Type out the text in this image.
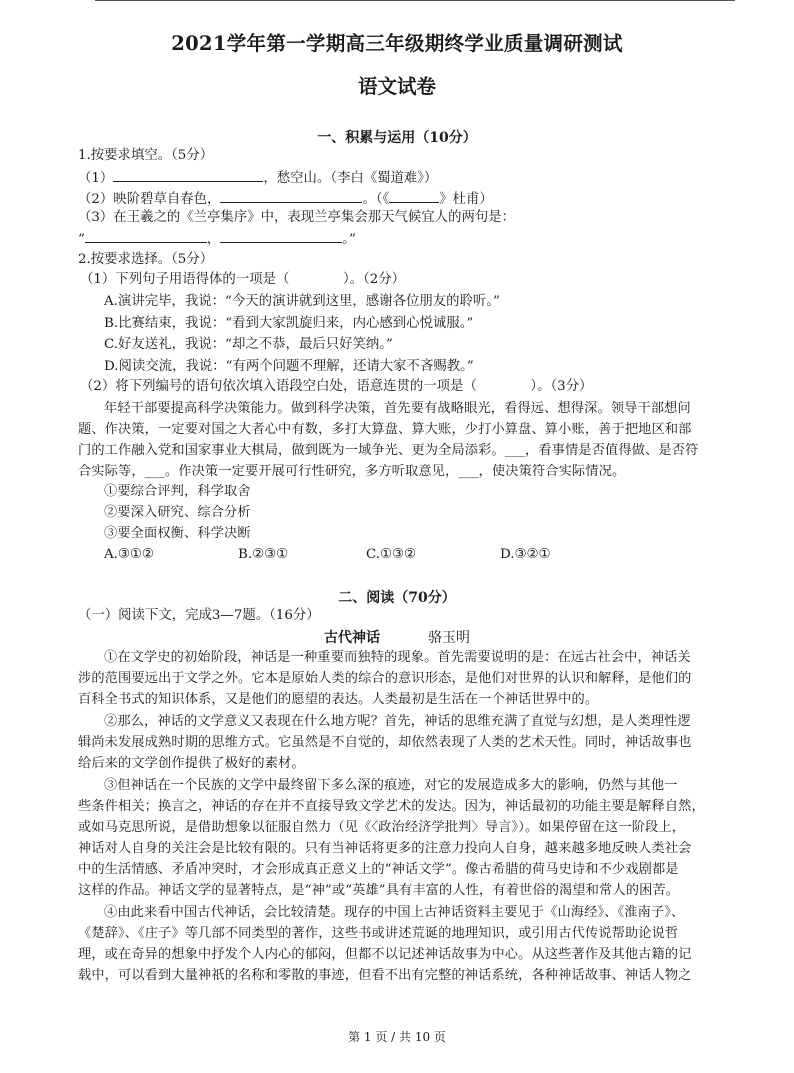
2021学年第一学期高三年级期终学业质量调研测试
语文试卷
一、积累与运用（10分）
1.按要求填空。（5分）
（1）	，愁空山。（李白《蜀道难》）
（2）映阶碧草自春色，	。（《	》杜甫）
（3）在王羲之的《兰亭集序》中，表现兰亭集会那天气候宜人的两句是：
“	，	。”
2.按要求选择。（5分）
（1）下列句子用语得体的一项是（　　　　）。（2分）
A.演讲完毕，我说：“今天的演讲就到这里，感谢各位朋友的聆听。”
B.比赛结束，我说：“看到大家凯旋归来，内心感到心悦诚服。”
C.好友送礼，我说：“却之不恭，最后只好笑纳。”
D.阅读交流，我说：“有两个问题不理解，还请大家不吝赐教。”
（2）将下列编号的语句依次填入语段空白处，语意连贯的一项是（　　　　）。（3分）
年轻干部要提高科学决策能力。做到科学决策，首先要有战略眼光，看得远、想得深。领导干部想问
题、作决策，一定要对国之大者心中有数，多打大算盘、算大账，少打小算盘、算小账，善于把地区和部
门的工作融入党和国家事业大棋局，做到既为一域争光、更为全局添彩。___，看事情是否值得做、是否符
合实际等，___。作决策一定要开展可行性研究，多方听取意见，___，使决策符合实际情况。
①要综合评判，科学取舍
②要深入研究、综合分析
③要全面权衡、科学决断
A.③①②	B.②③①	C.①③②	D.③②①
二、阅读（70分）
（一）阅读下文，完成3—7题。（16分）
古代神话	骆玉明
①在文学史的初始阶段，神话是一种重要而独特的现象。首先需要说明的是：在远古社会中，神话关
涉的范围要远出于文学之外。它本是原始人类的综合的意识形态，是他们对世界的认识和解释，是他们的
百科全书式的知识体系，又是他们的愿望的表达。人类最初是生活在一个神话世界中的。
②那么，神话的文学意义又表现在什么地方呢？首先，神话的思维充满了直觉与幻想，是人类理性逻
辑尚未发展成熟时期的思维方式。它虽然是不自觉的，却依然表现了人类的艺术天性。同时，神话故事也
给后来的文学创作提供了极好的素材。
③但神话在一个民族的文学中最终留下多么深的痕迹，对它的发展造成多大的影响，仍然与其他一
些条件相关；换言之，神话的存在并不直接导致文学艺术的发达。因为，神话最初的功能主要是解释自然，
或如马克思所说，是借助想象以征服自然力（见《〈政治经济学批判〉导言》）。如果停留在这一阶段上，
神话对人自身的关注会是比较有限的。只有当神话将更多的注意力投向人自身，越来越多地反映人类社会
中的生活情感、矛盾冲突时，才会形成真正意义上的“神话文学”。像古希腊的荷马史诗和不少戏剧都是
这样的作品。神话文学的显著特点，是“神”或“英雄”具有丰富的人性，有着世俗的渴望和常人的困苦。
④由此来看中国古代神话，会比较清楚。现存的中国上古神话资料主要见于《山海经》、《淮南子》、
《楚辞》、《庄子》等几部不同类型的著作，这些书或讲述荒诞的地理知识，或引用古代传说帮助论说哲
理，或在奇异的想象中抒发个人内心的郁闷，但都不以记述神话故事为中心。从这些著作及其他古籍的记
载中，可以看到大量神祇的名称和零散的事迹，但看不出有完整的神话系统，各种神话故事、神话人物之
第 1 页 / 共 10 页
